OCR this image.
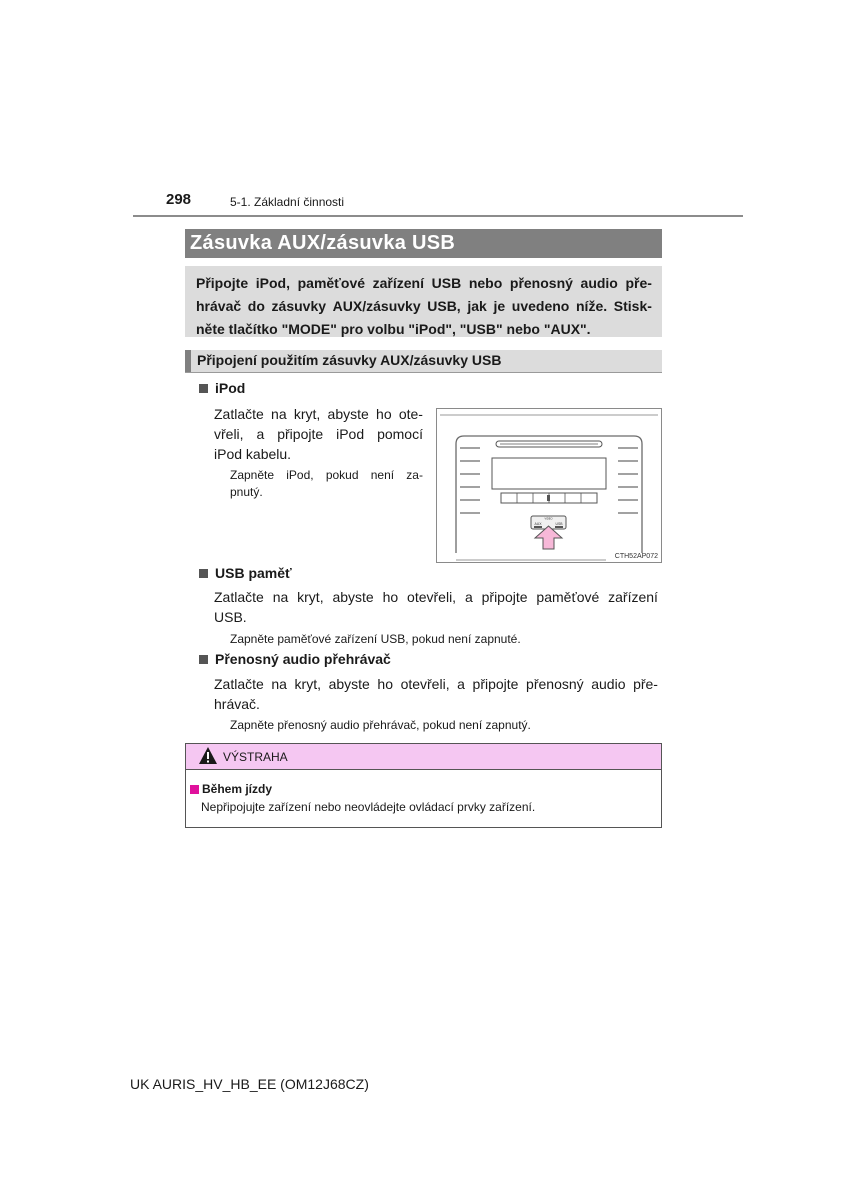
298	5-1. Základní činnosti
Zásuvka AUX/zásuvka USB
Připojte iPod, paměťové zařízení USB nebo přenosný audio pře-
hrávač do zásuvky AUX/zásuvky USB, jak je uvedeno níže. Stisk-
něte tlačítko "MODE" pro volbu "iPod", "USB" nebo "AUX".
Připojení použitím zásuvky AUX/zásuvky USB
iPod
Zatlačte na kryt, abyste ho ote-
vřeli, a připojte iPod pomocí
iPod kabelu.
Zapněte iPod, pokud není za-
pnutý.
VIDEO
AUX	USB
CTH52AP072
USB paměť
Zatlačte na kryt, abyste ho otevřeli, a připojte paměťové zařízení
USB.
Zapněte paměťové zařízení USB, pokud není zapnuté.
Přenosný audio přehrávač
Zatlačte na kryt, abyste ho otevřeli, a připojte přenosný audio pře-
hrávač.
Zapněte přenosný audio přehrávač, pokud není zapnutý.
VÝSTRAHA
Během jízdy
Nepřipojujte zařízení nebo neovládejte ovládací prvky zařízení.
UK AURIS_HV_HB_EE (OM12J68CZ)
